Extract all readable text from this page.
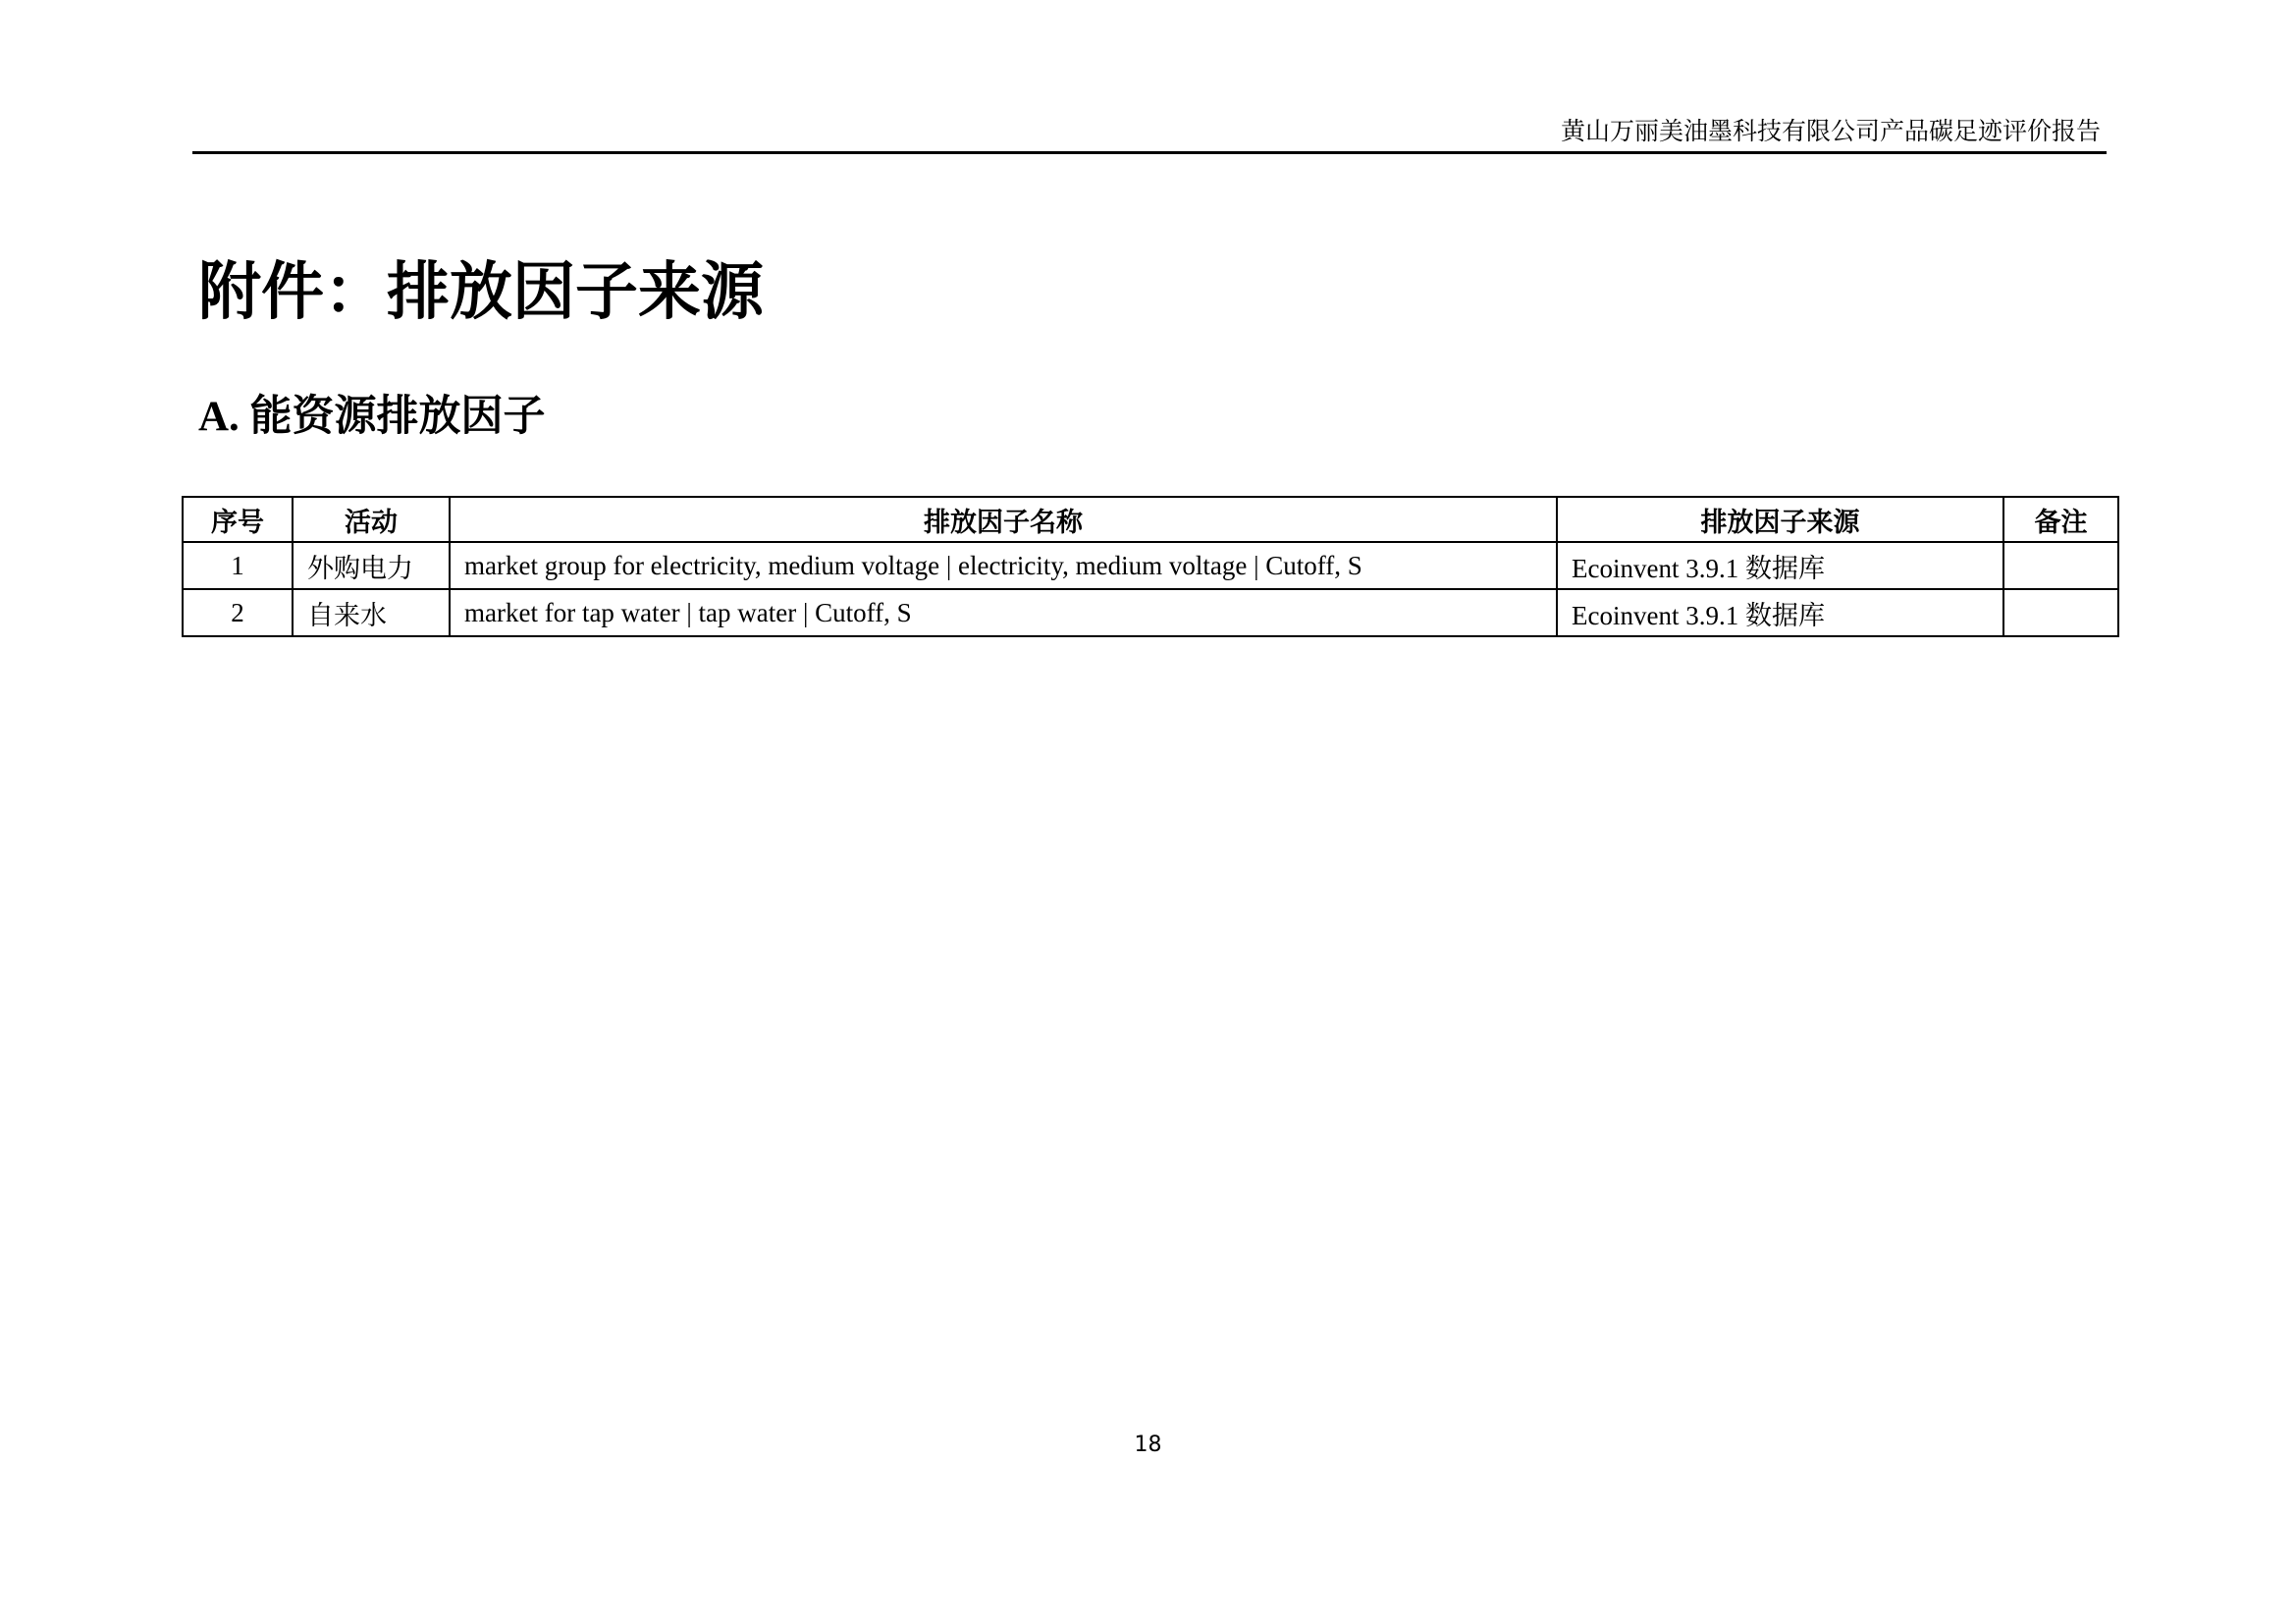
黄山万丽美油墨科技有限公司产品碳足迹评价报告
附件：排放因子来源
A. 能资源排放因子
序号	活动	排放因子名称	排放因子来源	备注
1	外购电力	market group for electricity, medium voltage | electricity, medium voltage | Cutoff, S	Ecoinvent 3.9.1 数据库	
2	自来水	market for tap water | tap water | Cutoff, S	Ecoinvent 3.9.1 数据库	
18
